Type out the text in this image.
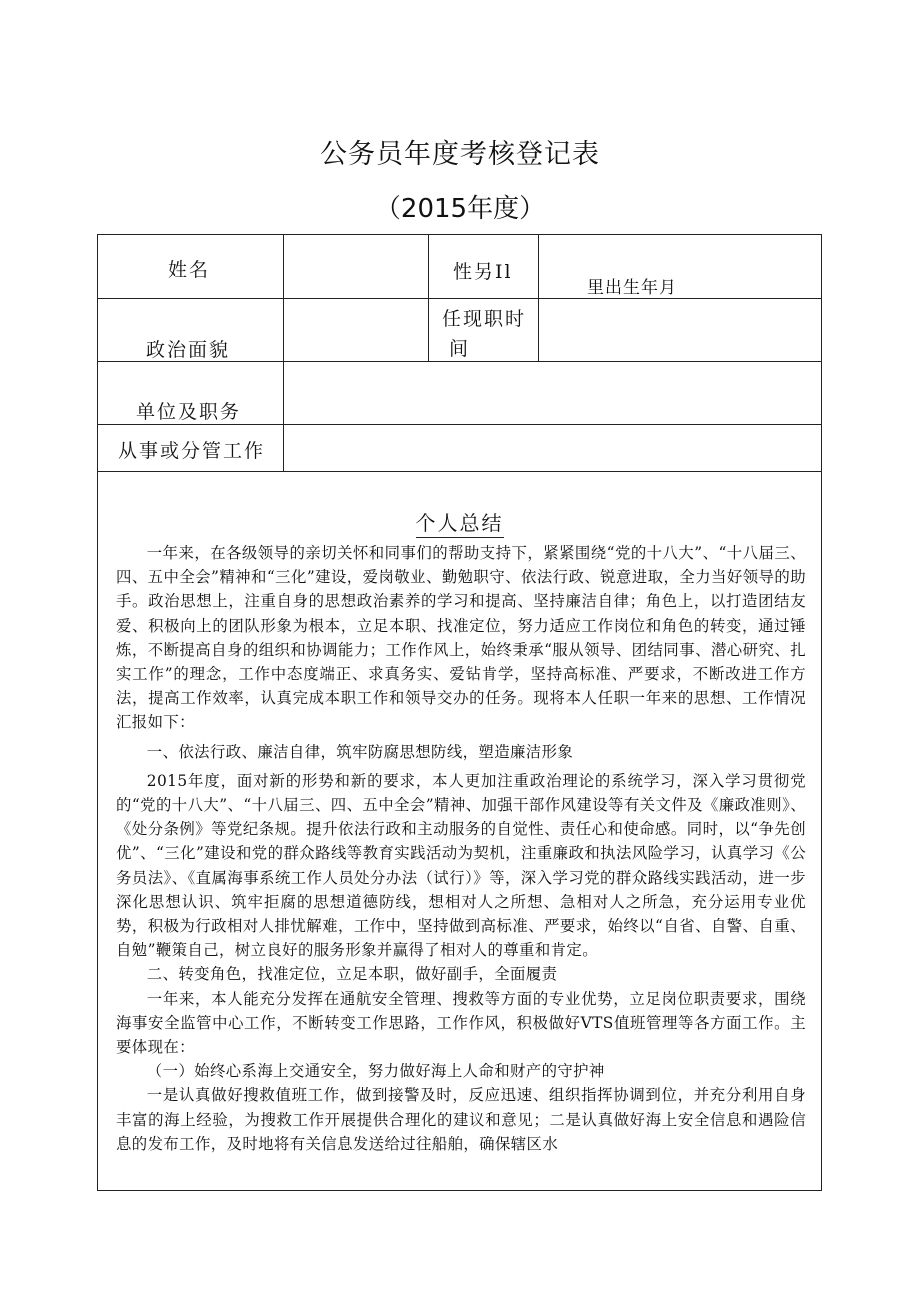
公务员年度考核登记表
（2015年度）
姓名	性另Il
里出生年月
政治面貌
任现职时
间
单位及职务
从事或分管工作
个人总结

一年来，在各级领导的亲切关怀和同事们的帮助支持下，紧紧围绕“党的十八大”、“十八届三、四、五中全会”精神和“三化”建设，爱岗敬业、勤勉职守、依法行政、锐意进取，全力当好领导的助手。政治思想上，注重自身的思想政治素养的学习和提高、坚持廉洁自律；角色上，以打造团结友爱、积极向上的团队形象为根本，立足本职、找准定位，努力适应工作岗位和角色的转变，通过锤炼，不断提高自身的组织和协调能力；工作作风上，始终秉承“服从领导、团结同事、潜心研究、扎实工作”的理念，工作中态度端正、求真务实、爱钻肯学，坚持高标准、严要求，不断改进工作方法，提高工作效率，认真完成本职工作和领导交办的任务。现将本人任职一年来的思想、工作情况汇报如下：

一、依法行政、廉洁自律，筑牢防腐思想防线，塑造廉洁形象

2015年度，面对新的形势和新的要求，本人更加注重政治理论的系统学习，深入学习贯彻党的“党的十八大”、“十八届三、四、五中全会”精神、加强干部作风建设等有关文件及《廉政准则》、《处分条例》等党纪条规。提升依法行政和主动服务的自觉性、责任心和使命感。同时，以“争先创优”、“三化”建设和党的群众路线等教育实践活动为契机，注重廉政和执法风险学习，认真学习《公务员法》、《直属海事系统工作人员处分办法（试行）》等，深入学习党的群众路线实践活动，进一步深化思想认识、筑牢拒腐的思想道德防线，想相对人之所想、急相对人之所急，充分运用专业优势，积极为行政相对人排忧解难，工作中，坚持做到高标准、严要求，始终以“自省、自警、自重、自勉”鞭策自己，树立良好的服务形象并赢得了相对人的尊重和肯定。

二、转变角色，找准定位，立足本职，做好副手，全面履责

一年来，本人能充分发挥在通航安全管理、搜救等方面的专业优势，立足岗位职责要求，围绕海事安全监管中心工作，不断转变工作思路，工作作风，积极做好VTS值班管理等各方面工作。主要体现在：

（一）始终心系海上交通安全，努力做好海上人命和财产的守护神

一是认真做好搜救值班工作，做到接警及时，反应迅速、组织指挥协调到位，并充分利用自身丰富的海上经验，为搜救工作开展提供合理化的建议和意见；二是认真做好海上安全信息和遇险信息的发布工作，及时地将有关信息发送给过往船舶，确保辖区水
